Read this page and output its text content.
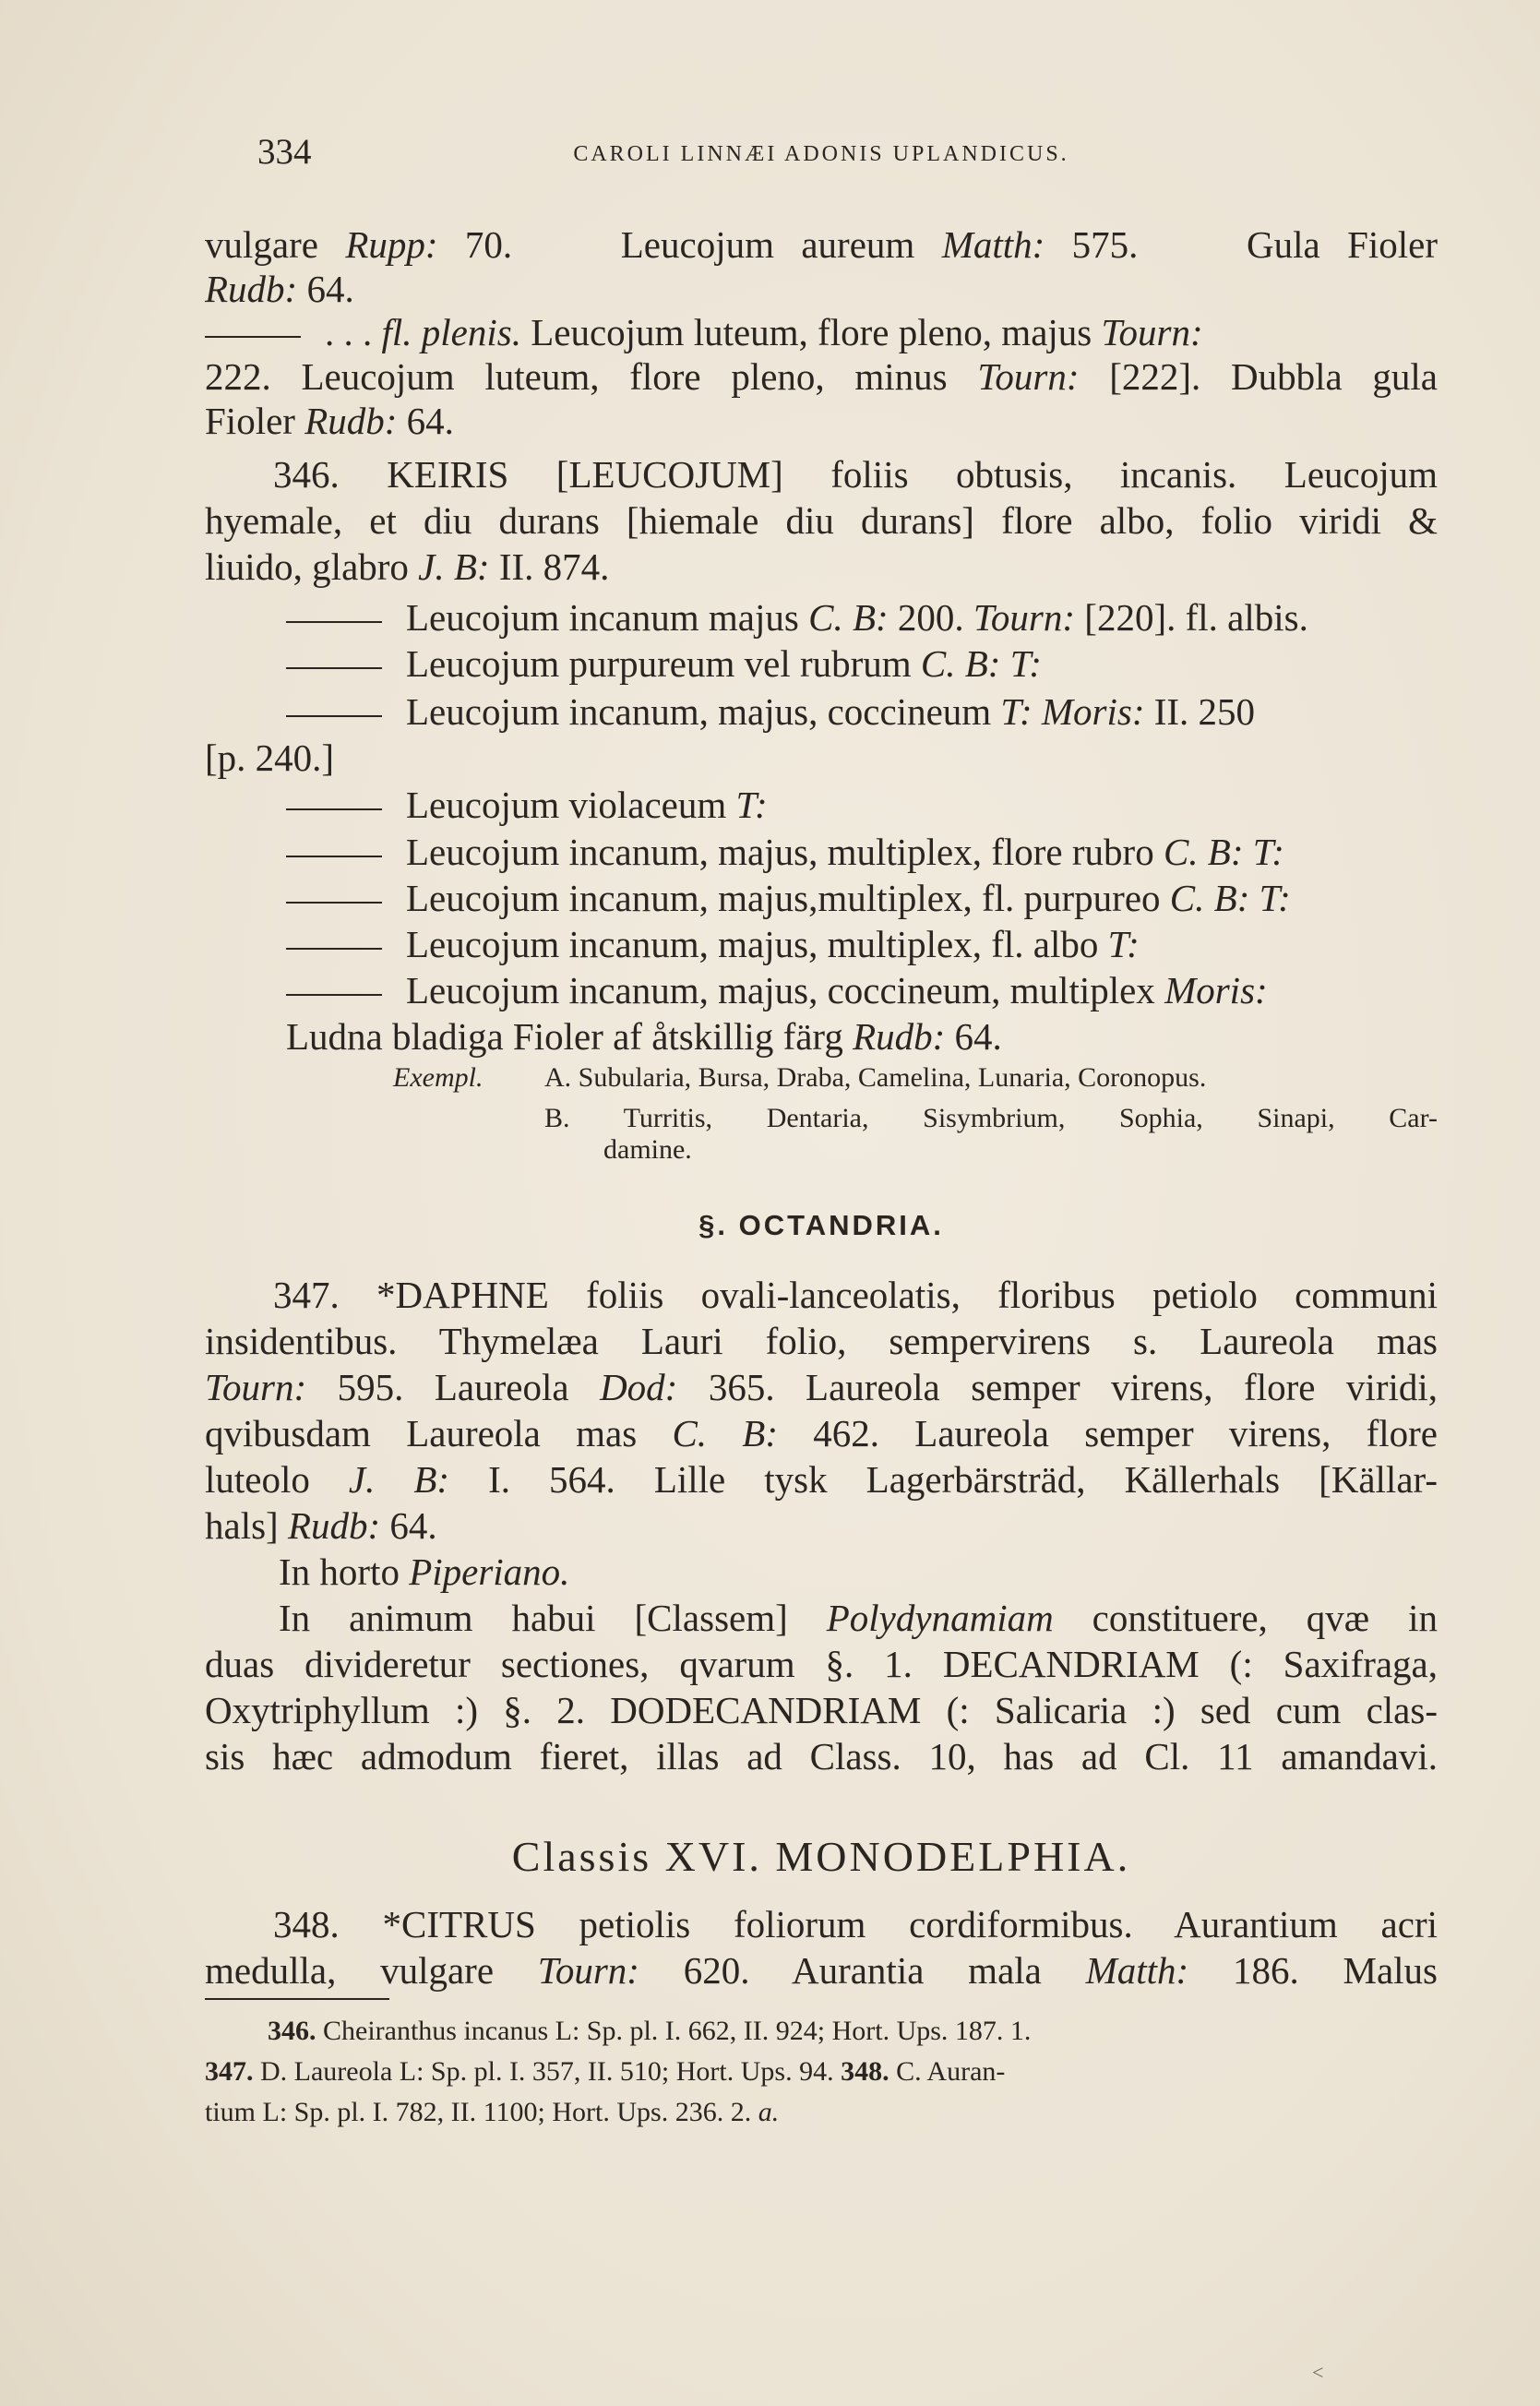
334	CAROLI LINNÆI ADONIS UPLANDICUS.
vulgare Rupp: 70.	Leucojum aureum Matth: 575.	Gula Fioler
Rudb: 64.
. . . fl. plenis. Leucojum luteum, flore pleno, majus Tourn:
222. Leucojum luteum, flore pleno, minus Tourn: [222]. Dubbla gula
Fioler Rudb: 64.
346. KEIRIS [LEUCOJUM] foliis obtusis, incanis. Leucojum
hyemale, et diu durans [hiemale diu durans] flore albo, folio viridi &
liuido, glabro J. B: II. 874.
Leucojum incanum majus C. B: 200. Tourn: [220]. fl. albis.
Leucojum purpureum vel rubrum C. B: T:
Leucojum incanum, majus, coccineum T: Moris: II. 250
[p. 240.]
Leucojum violaceum T:
Leucojum incanum, majus, multiplex, flore rubro C. B: T:
Leucojum incanum, majus,multiplex, fl. purpureo C. B: T:
Leucojum incanum, majus, multiplex, fl. albo T:
Leucojum incanum, majus, coccineum, multiplex Moris:
Ludna bladiga Fioler af åtskillig färg Rudb: 64.
Exempl. A. Subularia, Bursa, Draba, Camelina, Lunaria, Coronopus.
B. Turritis, Dentaria, Sisymbrium, Sophia, Sinapi, Car-
damine.
§. OCTANDRIA.
347. *DAPHNE foliis ovali-lanceolatis, floribus petiolo communi
insidentibus. Thymelæa Lauri folio, sempervirens s. Laureola mas
Tourn: 595. Laureola Dod: 365. Laureola semper virens, flore viridi,
qvibusdam Laureola mas C. B: 462. Laureola semper virens, flore
luteolo J. B: I. 564. Lille tysk Lagerbärsträd, Källerhals [Källar-
hals] Rudb: 64.
In horto Piperiano.
In animum habui [Classem] Polydynamiam constituere, qvæ in
duas divideretur sectiones, qvarum §. 1. DECANDRIAM (: Saxifraga,
Oxytriphyllum :) §. 2. DODECANDRIAM (: Salicaria :) sed cum clas-
sis hæc admodum fieret, illas ad Class. 10, has ad Cl. 11 amandavi.
Classis XVI. MONODELPHIA.
348. *CITRUS petiolis foliorum cordiformibus. Aurantium acri
medulla, vulgare Tourn: 620. Aurantia mala Matth: 186. Malus
346. Cheiranthus incanus L: Sp. pl. I. 662, II. 924; Hort. Ups. 187. 1.
347. D. Laureola L: Sp. pl. I. 357, II. 510; Hort. Ups. 94. 348. C. Auran-
tium L: Sp. pl. I. 782, II. 1100; Hort. Ups. 236. 2. a.
<
